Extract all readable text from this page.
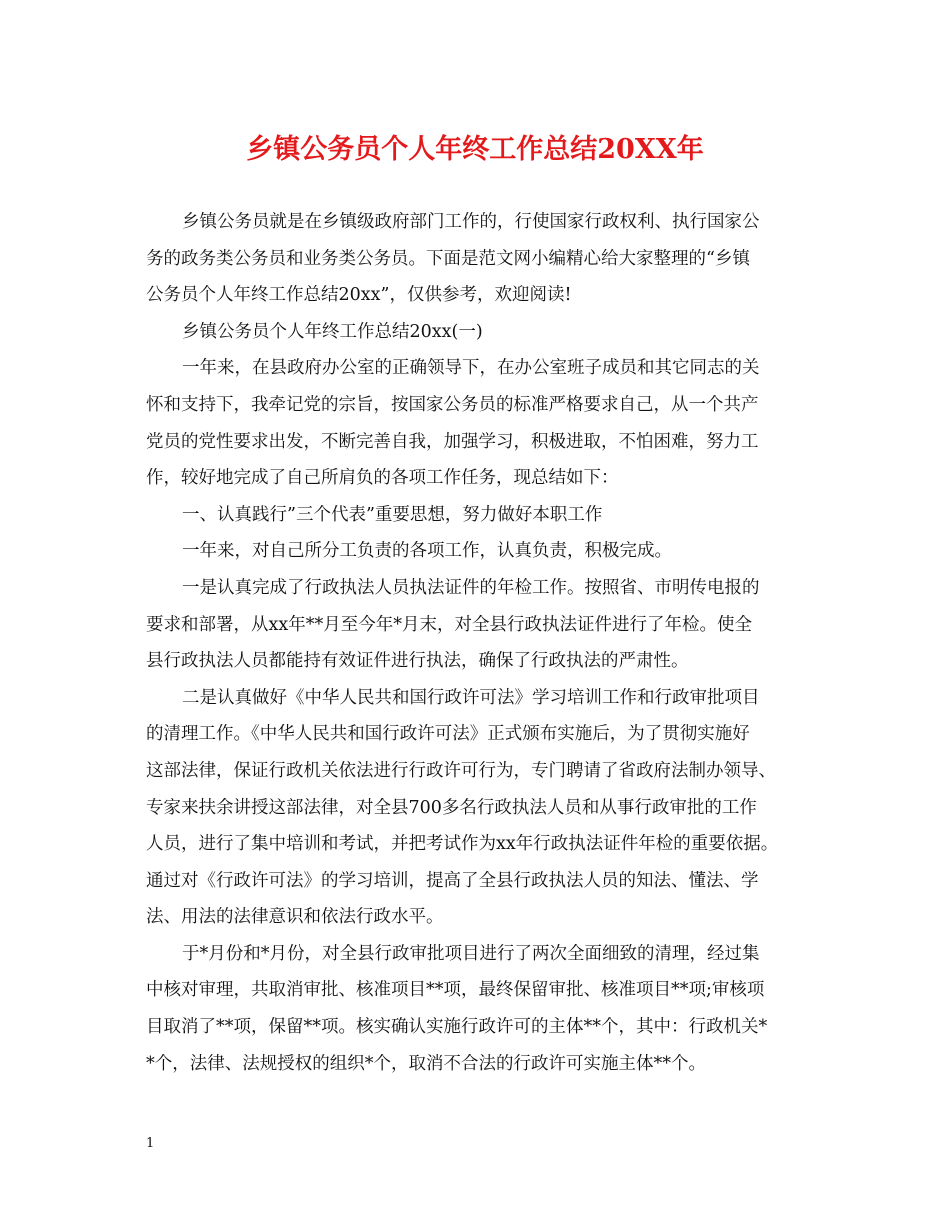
乡镇公务员个人年终工作总结20XX年
乡镇公务员就是在乡镇级政府部门工作的，行使国家行政权利、执行国家公
务的政务类公务员和业务类公务员。下面是范文网小编精心给大家整理的“乡镇
公务员个人年终工作总结20xx”，仅供参考，欢迎阅读!
乡镇公务员个人年终工作总结20xx(一)
一年来，在县政府办公室的正确领导下，在办公室班子成员和其它同志的关
怀和支持下，我牵记党的宗旨，按国家公务员的标准严格要求自己，从一个共产
党员的党性要求出发，不断完善自我，加强学习，积极进取，不怕困难，努力工
作，较好地完成了自己所肩负的各项工作任务，现总结如下：
一、认真践行”三个代表”重要思想，努力做好本职工作
一年来，对自己所分工负责的各项工作，认真负责，积极完成。
一是认真完成了行政执法人员执法证件的年检工作。按照省、市明传电报的
要求和部署，从xx年**月至今年*月末，对全县行政执法证件进行了年检。使全
县行政执法人员都能持有效证件进行执法，确保了行政执法的严肃性。
二是认真做好《中华人民共和国行政许可法》学习培训工作和行政审批项目
的清理工作。《中华人民共和国行政许可法》正式颁布实施后，为了贯彻实施好
这部法律，保证行政机关依法进行行政许可行为，专门聘请了省政府法制办领导、
专家来扶余讲授这部法律，对全县700多名行政执法人员和从事行政审批的工作
人员，进行了集中培训和考试，并把考试作为xx年行政执法证件年检的重要依据。
通过对《行政许可法》的学习培训，提高了全县行政执法人员的知法、懂法、学
法、用法的法律意识和依法行政水平。
于*月份和*月份，对全县行政审批项目进行了两次全面细致的清理，经过集
中核对审理，共取消审批、核准项目**项，最终保留审批、核准项目**项;审核项
目取消了**项，保留**项。核实确认实施行政许可的主体**个，其中：行政机关*
*个，法律、法规授权的组织*个，取消不合法的行政许可实施主体**个。
1
